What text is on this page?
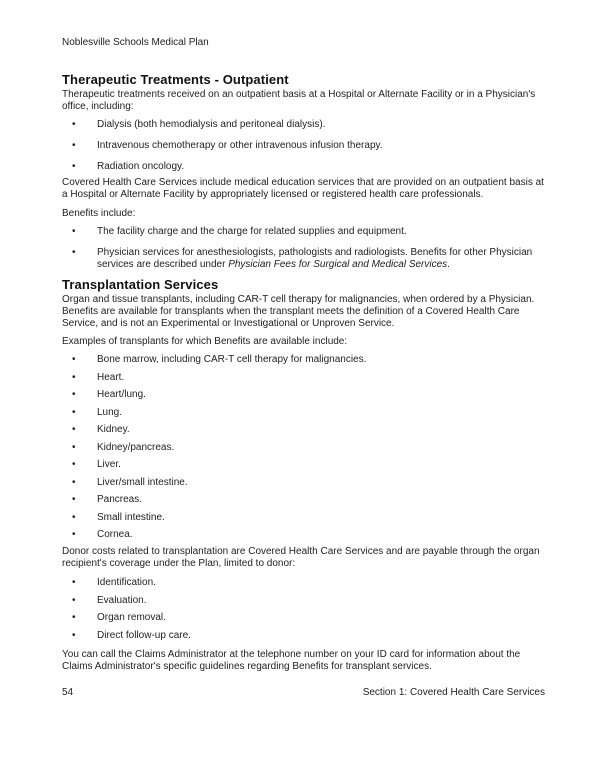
Noblesville Schools Medical Plan
Therapeutic Treatments - Outpatient

Therapeutic treatments received on an outpatient basis at a Hospital or Alternate Facility or in a Physician's office, including:

•
Dialysis (both hemodialysis and peritoneal dialysis).
•
Intravenous chemotherapy or other intravenous infusion therapy.
•
Radiation oncology.

Covered Health Care Services include medical education services that are provided on an outpatient basis at a Hospital or Alternate Facility by appropriately licensed or registered health care professionals.

Benefits include:

•
The facility charge and the charge for related supplies and equipment.
•
Physician services for anesthesiologists, pathologists and radiologists. Benefits for other Physician services are described under Physician Fees for Surgical and Medical Services.
Transplantation Services

Organ and tissue transplants, including CAR-T cell therapy for malignancies, when ordered by a Physician. Benefits are available for transplants when the transplant meets the definition of a Covered Health Care Service, and is not an Experimental or Investigational or Unproven Service.

Examples of transplants for which Benefits are available include:

•
Bone marrow, including CAR-T cell therapy for malignancies.
•
Heart.
•
Heart/lung.
•
Lung.
•
Kidney.
•
Kidney/pancreas.
•
Liver.
•
Liver/small intestine.
•
Pancreas.
•
Small intestine.
•
Cornea.

Donor costs related to transplantation are Covered Health Care Services and are payable through the organ recipient's coverage under the Plan, limited to donor:

•
Identification.
•
Evaluation.
•
Organ removal.
•
Direct follow-up care.

You can call the Claims Administrator at the telephone number on your ID card for information about the Claims Administrator's specific guidelines regarding Benefits for transplant services.

54	Section 1: Covered Health Care Services
